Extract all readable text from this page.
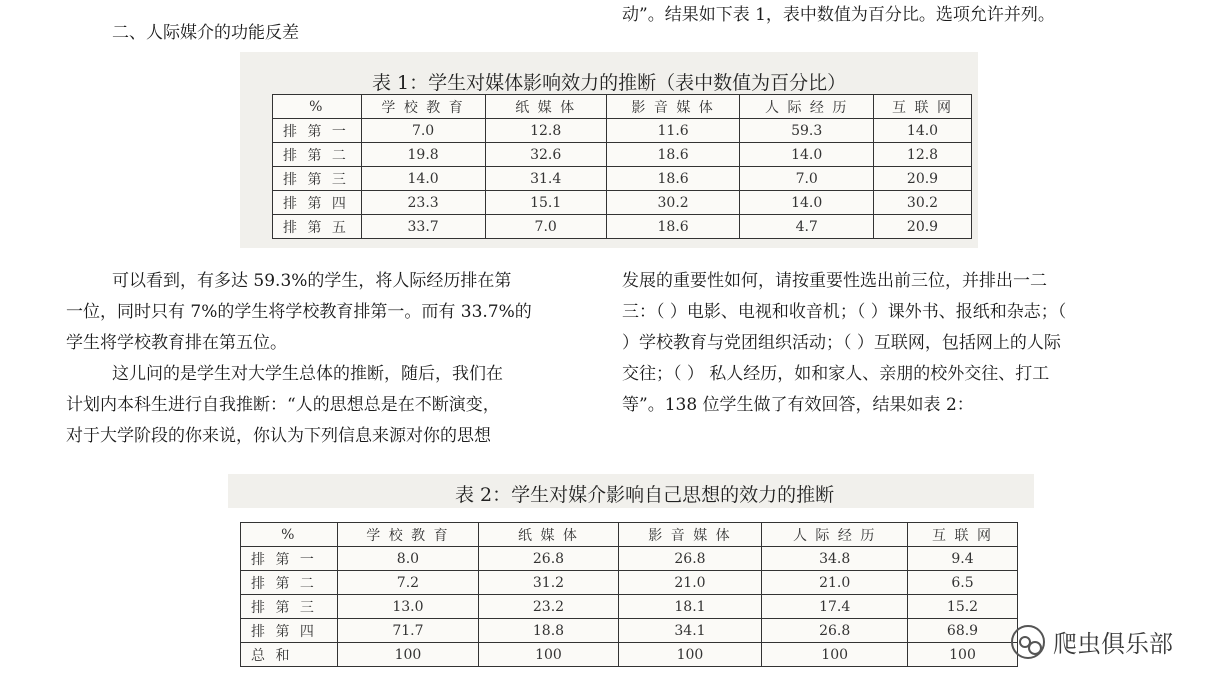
二、人际媒介的功能反差
动”。结果如下表 1，表中数值为百分比。选项允许并列。
表 1：学生对媒体影响效力的推断（表中数值为百分比）
%	学 校 教 育	纸 媒 体	影 音 媒 体	人 际 经 历	互 联 网
排 第 一	7.0	12.8	11.6	59.3	14.0
排 第 二	19.8	32.6	18.6	14.0	12.8
排 第 三	14.0	31.4	18.6	7.0	20.9
排 第 四	23.3	15.1	30.2	14.0	30.2
排 第 五	33.7	7.0	18.6	4.7	20.9
可以看到，有多达 59.3%的学生，将人际经历排在第
一位，同时只有 7%的学生将学校教育排第一。而有 33.7%的
学生将学校教育排在第五位。
这儿问的是学生对大学生总体的推断，随后，我们在
计划内本科生进行自我推断：“人的思想总是在不断演变，
对于大学阶段的你来说，你认为下列信息来源对你的思想
发展的重要性如何，请按重要性选出前三位，并排出一二
三：（ ）电影、电视和收音机；（ ）课外书、报纸和杂志；（
）学校教育与党团组织活动；（ ）互联网，包括网上的人际
交往；（ ） 私人经历，如和家人、亲朋的校外交往、打工
等”。138 位学生做了有效回答，结果如表 2：
表 2：学生对媒介影响自己思想的效力的推断
%	学 校 教 育	纸 媒 体	影 音 媒 体	人 际 经 历	互 联 网
排 第 一	8.0	26.8	26.8	34.8	9.4
排 第 二	7.2	31.2	21.0	21.0	6.5
排 第 三	13.0	23.2	18.1	17.4	15.2
排 第 四	71.7	18.8	34.1	26.8	68.9
总 和	100	100	100	100	100	爬虫俱乐部
